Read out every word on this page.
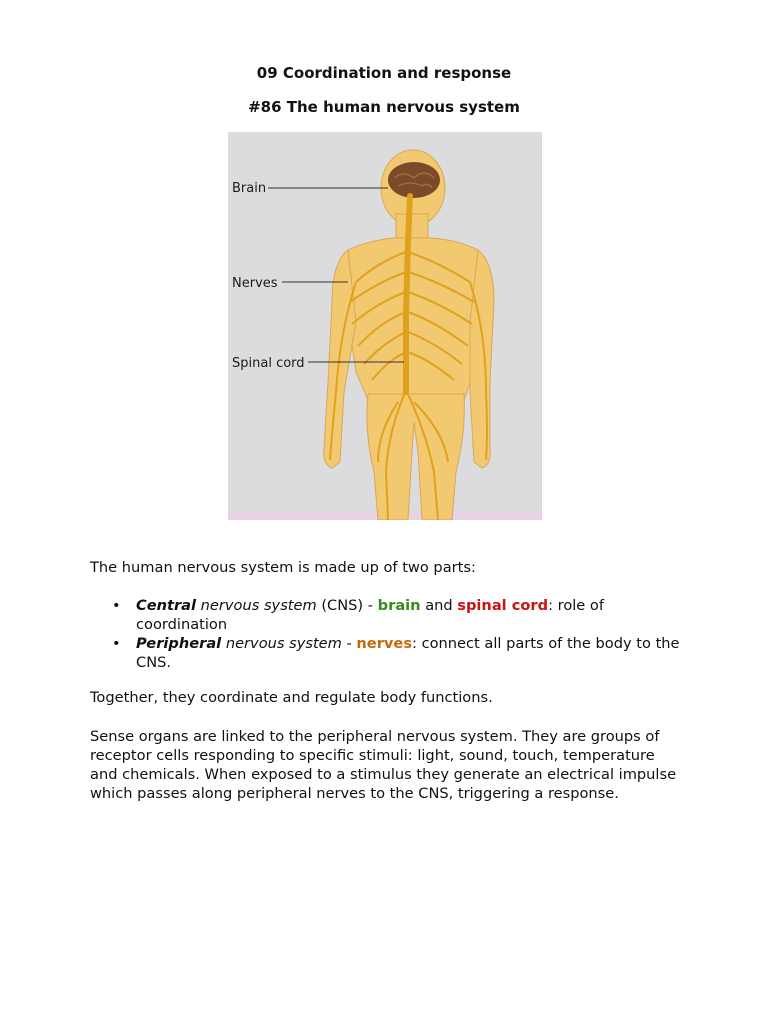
09 Coordination and response
#86 The human nervous system
Brain
Nerves
Spinal cord

The human nervous system is made up of two parts:

• Central nervous system (CNS) - brain and spinal cord: role of coordination
• Peripheral nervous system - nerves: connect all parts of the body to the CNS.

Together, they coordinate and regulate body functions.

Sense organs are linked to the peripheral nervous system. They are groups of receptor cells responding to specific stimuli: light, sound, touch, temperature and chemicals. When exposed to a stimulus they generate an electrical impulse which passes along peripheral nerves to the CNS, triggering a response.
